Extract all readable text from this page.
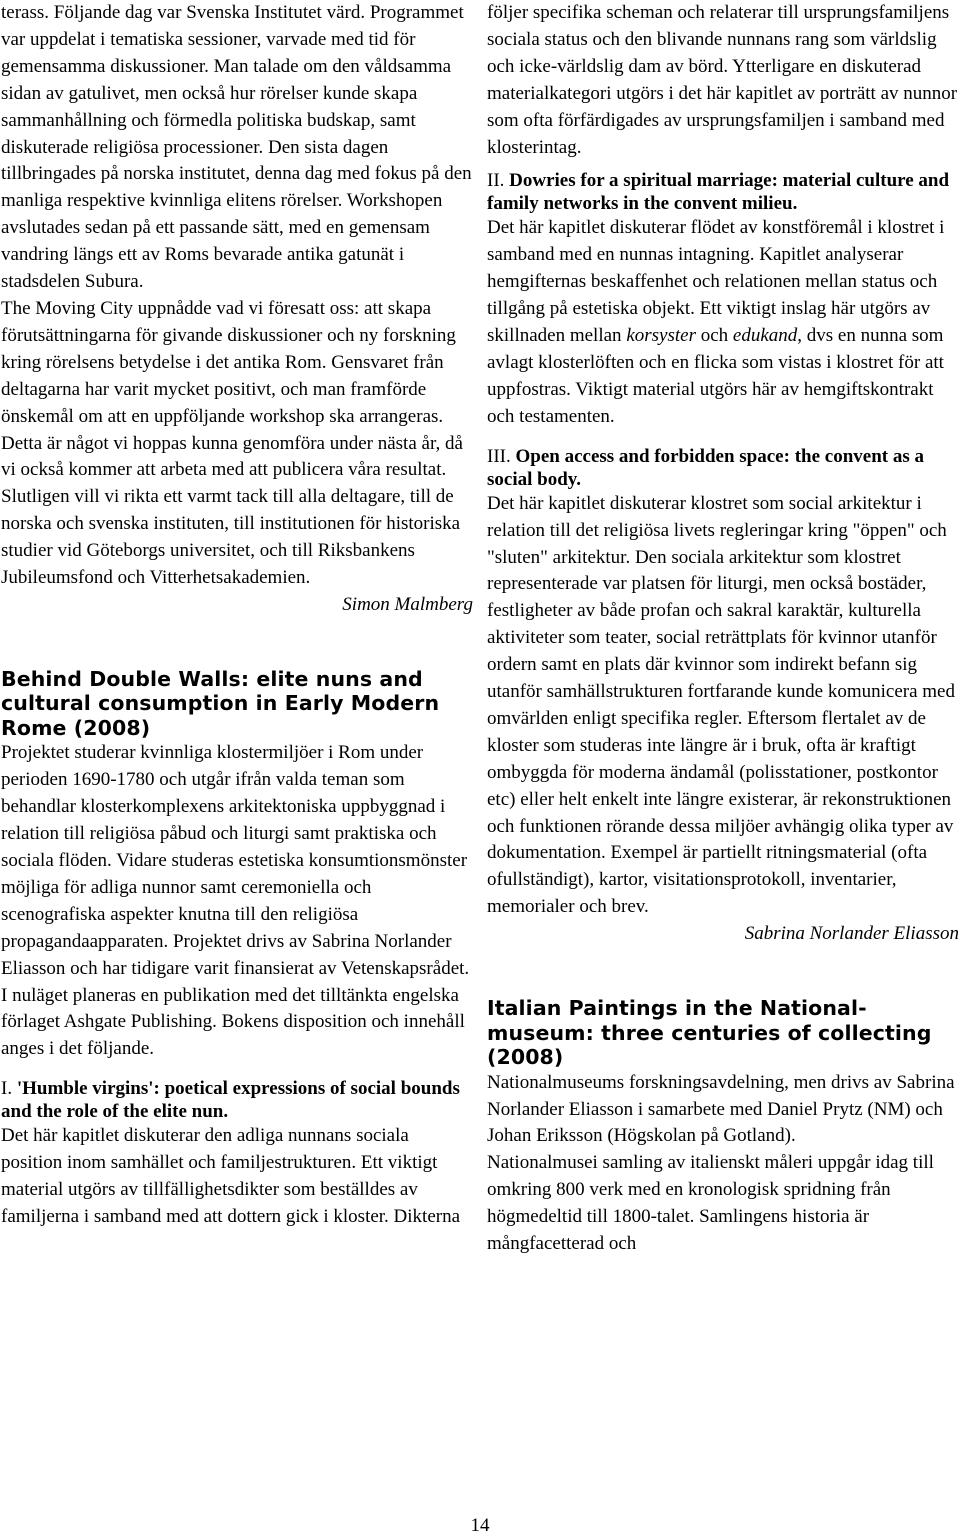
terass. Följande dag var Svenska Institutet värd. Programmet var uppdelat i tematiska sessioner, varvade med tid för gemensamma diskussioner. Man talade om den våldsamma sidan av gatulivet, men också hur rörelser kunde skapa sammanhållning och förmedla politiska budskap, samt diskuterade religiösa processioner. Den sista dagen tillbringades på norska institutet, denna dag med fokus på den manliga respektive kvinnliga elitens rörelser. Workshopen avslutades sedan på ett passande sätt, med en gemensam vandring längs ett av Roms bevarade antika gatunät i stadsdelen Subura.

The Moving City uppnådde vad vi föresatt oss: att skapa förutsättningarna för givande diskussioner och ny forskning kring rörelsens betydelse i det antika Rom. Gensvaret från deltagarna har varit mycket positivt, och man framförde önskemål om att en uppföljande workshop ska arrangeras. Detta är något vi hoppas kunna genomföra under nästa år, då vi också kommer att arbeta med att publicera våra resultat. Slutligen vill vi rikta ett varmt tack till alla deltagare, till de norska och svenska instituten, till institutionen för historiska studier vid Göteborgs universitet, och till Riksbankens Jubileumsfond och Vitterhetsakademien.

Simon Malmberg

Behind Double Walls: elite nuns and cultural consumption in Early Modern Rome (2008)

Projektet studerar kvinnliga klostermiljöer i Rom under perioden 1690-1780 och utgår ifrån valda teman som behandlar klosterkomplexens arkitektoniska uppbyggnad i relation till religiösa påbud och liturgi samt praktiska och sociala flöden. Vidare studeras estetiska konsumtionsmönster möjliga för adliga nunnor samt ceremoniella och scenografiska aspekter knutna till den religiösa propagandaapparaten. Projektet drivs av Sabrina Norlander Eliasson och har tidigare varit finansierat av Vetenskapsrådet. I nuläget planeras en publikation med det tilltänkta engelska förlaget Ashgate Publishing. Bokens disposition och innehåll anges i det följande.

I. 'Humble virgins': poetical expressions of social bounds and the role of the elite nun.

Det här kapitlet diskuterar den adliga nunnans sociala position inom samhället och familjestrukturen. Ett viktigt material utgörs av tillfällighetsdikter som beställdes av familjerna i samband med att dottern gick i kloster. Dikterna

följer specifika scheman och relaterar till ursprungsfamiljens sociala status och den blivande nunnans rang som världslig och icke-världslig dam av börd. Ytterligare en diskuterad materialkategori utgörs i det här kapitlet av porträtt av nunnor som ofta förfärdigades av ursprungsfamiljen i samband med klosterintag.

II. Dowries for a spiritual marriage: material culture and family networks in the convent milieu.

Det här kapitlet diskuterar flödet av konstföremål i klostret i samband med en nunnas intagning. Kapitlet analyserar hemgifternas beskaffenhet och relationen mellan status och tillgång på estetiska objekt. Ett viktigt inslag här utgörs av skillnaden mellan korsyster och edukand, dvs en nunna som avlagt klosterlöften och en flicka som vistas i klostret för att uppfostras. Viktigt material utgörs här av hemgiftskontrakt och testamenten.

III. Open access and forbidden space: the convent as a social body.

Det här kapitlet diskuterar klostret som social arkitektur i relation till det religiösa livets regleringar kring "öppen" och "sluten" arkitektur. Den sociala arkitektur som klostret representerade var platsen för liturgi, men också bostäder, festligheter av både profan och sakral karaktär, kulturella aktiviteter som teater, social reträttplats för kvinnor utanför ordern samt en plats där kvinnor som indirekt befann sig utanför samhällstrukturen fortfarande kunde komunicera med omvärlden enligt specifika regler. Eftersom flertalet av de kloster som studeras inte längre är i bruk, ofta är kraftigt ombyggda för moderna ändamål (polisstationer, postkontor etc) eller helt enkelt inte längre existerar, är rekonstruktionen och funktionen rörande dessa miljöer avhängig olika typer av dokumentation. Exempel är partiellt ritningsmaterial (ofta ofullständigt), kartor, visitationsprotokoll, inventarier, memorialer och brev.

Sabrina Norlander Eliasson

Italian Paintings in the National-museum: three centuries of collecting (2008)

Nationalmuseums forskningsavdelning, men drivs av Sabrina Norlander Eliasson i samarbete med Daniel Prytz (NM) och Johan Eriksson (Högskolan på Gotland).

Nationalmusei samling av italienskt måleri uppgår idag till omkring 800 verk med en kronologisk spridning från högmedeltid till 1800-talet. Samlingens historia är mångfacetterad och

14
